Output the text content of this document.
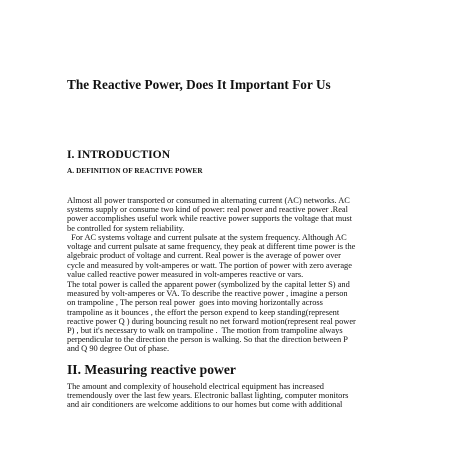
The Reactive Power, Does It Important For Us
I. INTRODUCTION
A. DEFINITION OF REACTIVE POWER
Almost all power transported or consumed in alternating current (AC) networks. AC
systems supply or consume two kind of power: real power and reactive power .Real
power accomplishes useful work while reactive power supports the voltage that must
be controlled for system reliability.
For AC systems voltage and current pulsate at the system frequency. Although AC
voltage and current pulsate at same frequency, they peak at different time power is the
algebraic product of voltage and current. Real power is the average of power over
cycle and measured by volt-amperes or watt. The portion of power with zero average
value called reactive power measured in volt-amperes reactive or vars.
The total power is called the apparent power (symbolized by the capital letter S) and
measured by volt-amperes or VA. To describe the reactive power , imagine a person
on trampoline , The person real power  goes into moving horizontally across
trampoline as it bounces , the effort the person expend to keep standing(represent
reactive power Q ) during bouncing result no net forward motion(represent real power
P) , but it's necessary to walk on trampoline .  The motion from trampoline always
perpendicular to the direction the person is walking. So that the direction between P
and Q 90 degree Out of phase.
II. Measuring reactive power
The amount and complexity of household electrical equipment has increased
tremendously over the last few years. Electronic ballast lighting, computer monitors
and air conditioners are welcome additions to our homes but come with additional
